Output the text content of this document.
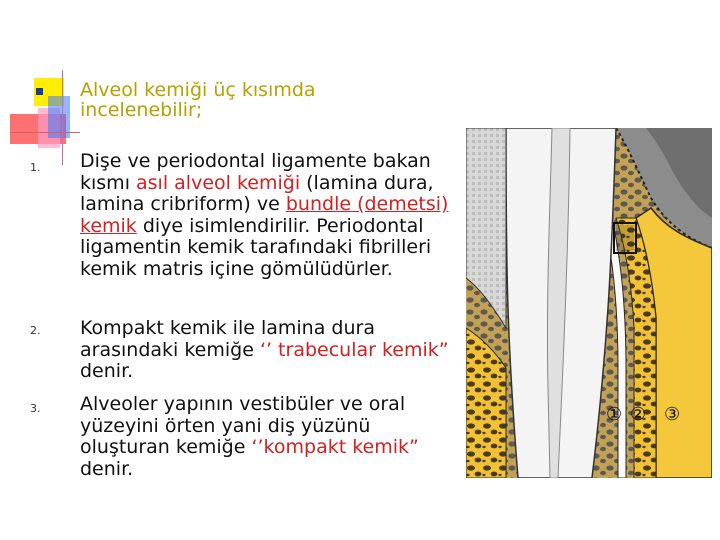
Alveol kemiği üç kısımda
incelenebilir;
1. Dişe ve periodontal ligamente bakan kısmı asıl alveol kemiği (lamina dura, lamina cribriform) ve bundle (demetsi) kemik diye isimlendirilir. Periodontal ligamentin kemik tarafındaki fibrilleri kemik matris içine gömülüdürler.
2. Kompakt kemik ile lamina dura arasındaki kemiğe ‘’ trabecular kemik” denir.
3. Alveoler yapının vestibüler ve oral yüzeyini örten yani diş yüzünü oluşturan kemiğe ‘’kompakt kemik” denir.
① ② ③
